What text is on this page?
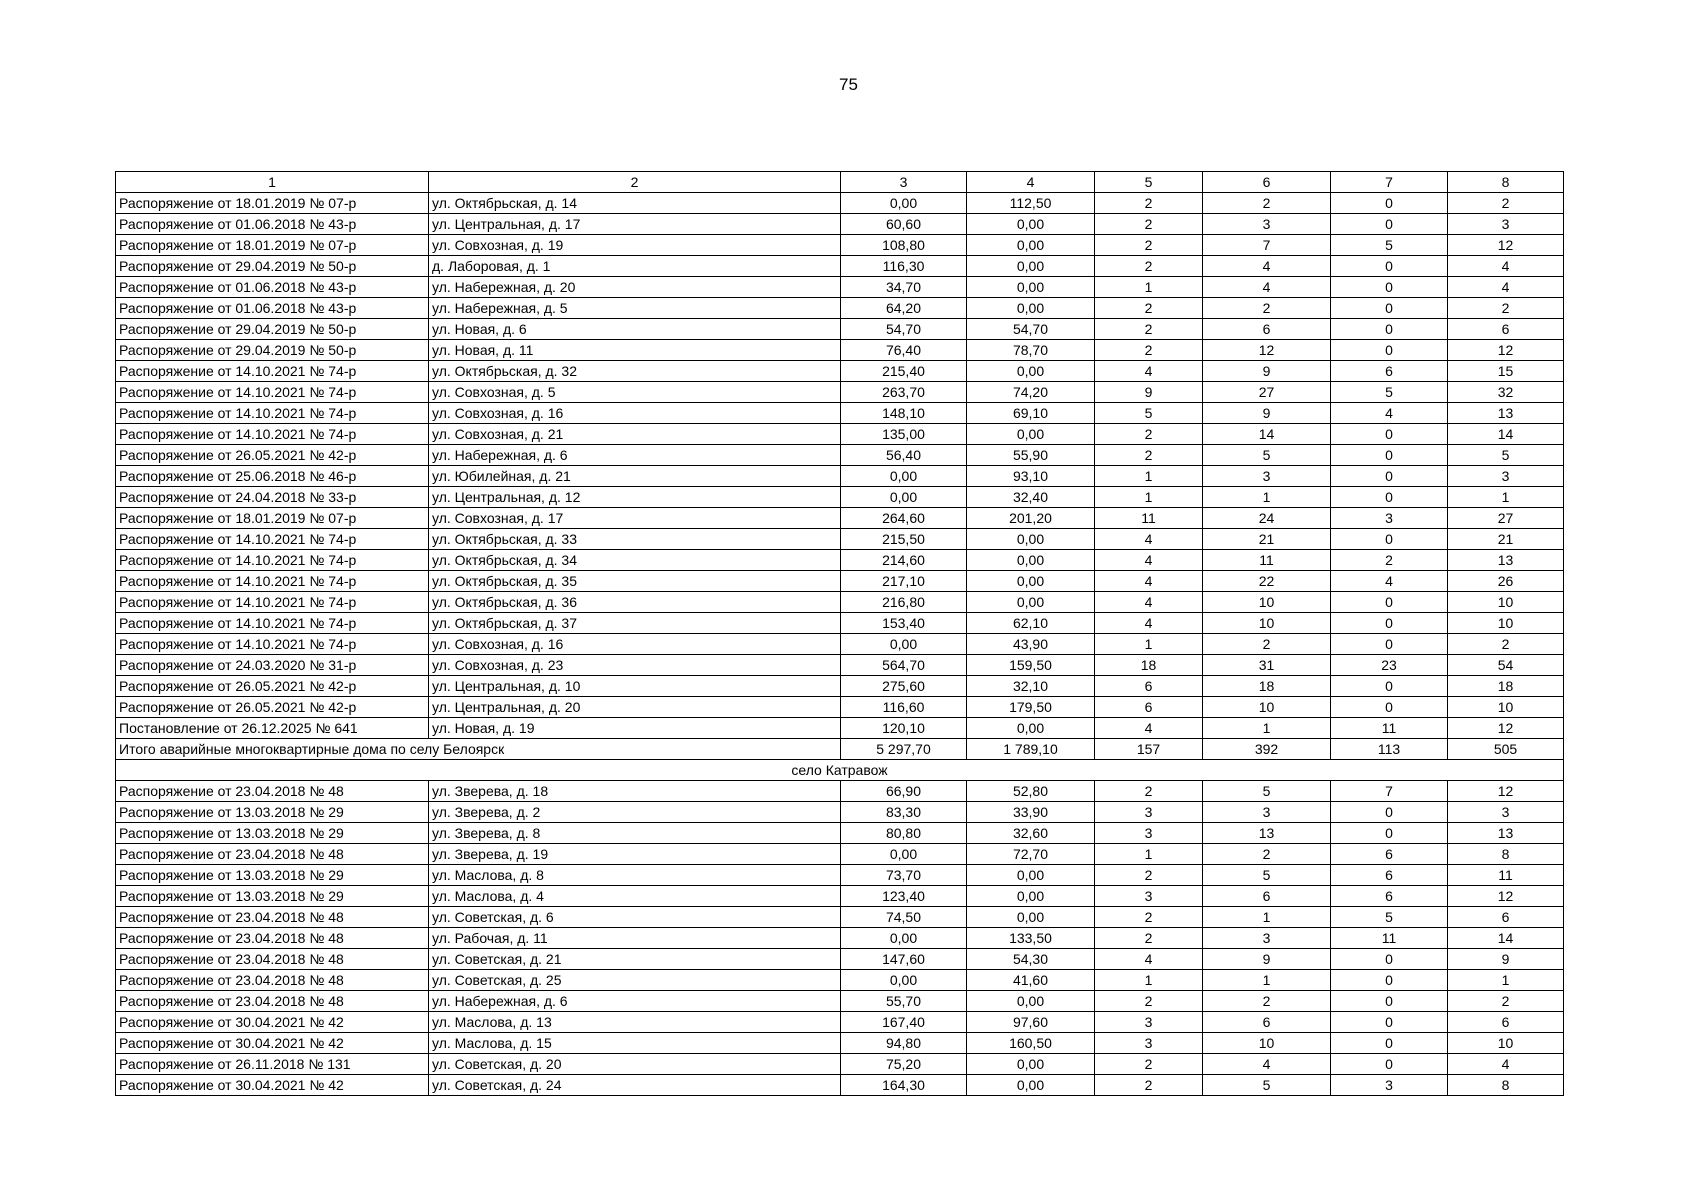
75
1	2	3	4	5	6	7	8
Распоряжение от 18.01.2019 № 07-р	ул. Октябрьская, д. 14	0,00	112,50	2	2	0	2
Распоряжение от 01.06.2018 № 43-р	ул. Центральная, д. 17	60,60	0,00	2	3	0	3
Распоряжение от 18.01.2019 № 07-р	ул. Совхозная, д. 19	108,80	0,00	2	7	5	12
Распоряжение от 29.04.2019 № 50-р	д. Лаборовая, д. 1	116,30	0,00	2	4	0	4
Распоряжение от 01.06.2018 № 43-р	ул. Набережная, д. 20	34,70	0,00	1	4	0	4
Распоряжение от 01.06.2018 № 43-р	ул. Набережная, д. 5	64,20	0,00	2	2	0	2
Распоряжение от 29.04.2019 № 50-р	ул. Новая, д. 6	54,70	54,70	2	6	0	6
Распоряжение от 29.04.2019 № 50-р	ул. Новая, д. 11	76,40	78,70	2	12	0	12
Распоряжение от 14.10.2021 № 74-р	ул. Октябрьская, д. 32	215,40	0,00	4	9	6	15
Распоряжение от 14.10.2021 № 74-р	ул. Совхозная, д. 5	263,70	74,20	9	27	5	32
Распоряжение от 14.10.2021 № 74-р	ул. Совхозная, д. 16	148,10	69,10	5	9	4	13
Распоряжение от 14.10.2021 № 74-р	ул. Совхозная, д. 21	135,00	0,00	2	14	0	14
Распоряжение от 26.05.2021 № 42-р	ул. Набережная, д. 6	56,40	55,90	2	5	0	5
Распоряжение от 25.06.2018 № 46-р	ул. Юбилейная, д. 21	0,00	93,10	1	3	0	3
Распоряжение от 24.04.2018 № 33-р	ул. Центральная, д. 12	0,00	32,40	1	1	0	1
Распоряжение от 18.01.2019 № 07-р	ул. Совхозная, д. 17	264,60	201,20	11	24	3	27
Распоряжение от 14.10.2021 № 74-р	ул. Октябрьская, д. 33	215,50	0,00	4	21	0	21
Распоряжение от 14.10.2021 № 74-р	ул. Октябрьская, д. 34	214,60	0,00	4	11	2	13
Распоряжение от 14.10.2021 № 74-р	ул. Октябрьская, д. 35	217,10	0,00	4	22	4	26
Распоряжение от 14.10.2021 № 74-р	ул. Октябрьская, д. 36	216,80	0,00	4	10	0	10
Распоряжение от 14.10.2021 № 74-р	ул. Октябрьская, д. 37	153,40	62,10	4	10	0	10
Распоряжение от 14.10.2021 № 74-р	ул. Совхозная, д. 16	0,00	43,90	1	2	0	2
Распоряжение от 24.03.2020 № 31-р	ул. Совхозная, д. 23	564,70	159,50	18	31	23	54
Распоряжение от 26.05.2021 № 42-р	ул. Центральная, д. 10	275,60	32,10	6	18	0	18
Распоряжение от 26.05.2021 № 42-р	ул. Центральная, д. 20	116,60	179,50	6	10	0	10
Постановление от 26.12.2025 № 641	ул. Новая, д. 19	120,10	0,00	4	1	11	12
Итого аварийные многоквартирные дома по селу Белоярск		5 297,70	1 789,10	157	392	113	505
село Катравож							
Распоряжение от 23.04.2018 № 48	ул. Зверева, д. 18	66,90	52,80	2	5	7	12
Распоряжение от 13.03.2018 № 29	ул. Зверева, д. 2	83,30	33,90	3	3	0	3
Распоряжение от 13.03.2018 № 29	ул. Зверева, д. 8	80,80	32,60	3	13	0	13
Распоряжение от 23.04.2018 № 48	ул. Зверева, д. 19	0,00	72,70	1	2	6	8
Распоряжение от 13.03.2018 № 29	ул. Маслова, д. 8	73,70	0,00	2	5	6	11
Распоряжение от 13.03.2018 № 29	ул. Маслова, д. 4	123,40	0,00	3	6	6	12
Распоряжение от 23.04.2018 № 48	ул. Советская, д. 6	74,50	0,00	2	1	5	6
Распоряжение от 23.04.2018 № 48	ул. Рабочая, д. 11	0,00	133,50	2	3	11	14
Распоряжение от 23.04.2018 № 48	ул. Советская, д. 21	147,60	54,30	4	9	0	9
Распоряжение от 23.04.2018 № 48	ул. Советская, д. 25	0,00	41,60	1	1	0	1
Распоряжение от 23.04.2018 № 48	ул. Набережная, д. 6	55,70	0,00	2	2	0	2
Распоряжение от 30.04.2021 № 42	ул. Маслова, д. 13	167,40	97,60	3	6	0	6
Распоряжение от 30.04.2021 № 42	ул. Маслова, д. 15	94,80	160,50	3	10	0	10
Распоряжение от 26.11.2018 № 131	ул. Советская, д. 20	75,20	0,00	2	4	0	4
Распоряжение от 30.04.2021 № 42	ул. Советская, д. 24	164,30	0,00	2	5	3	8
